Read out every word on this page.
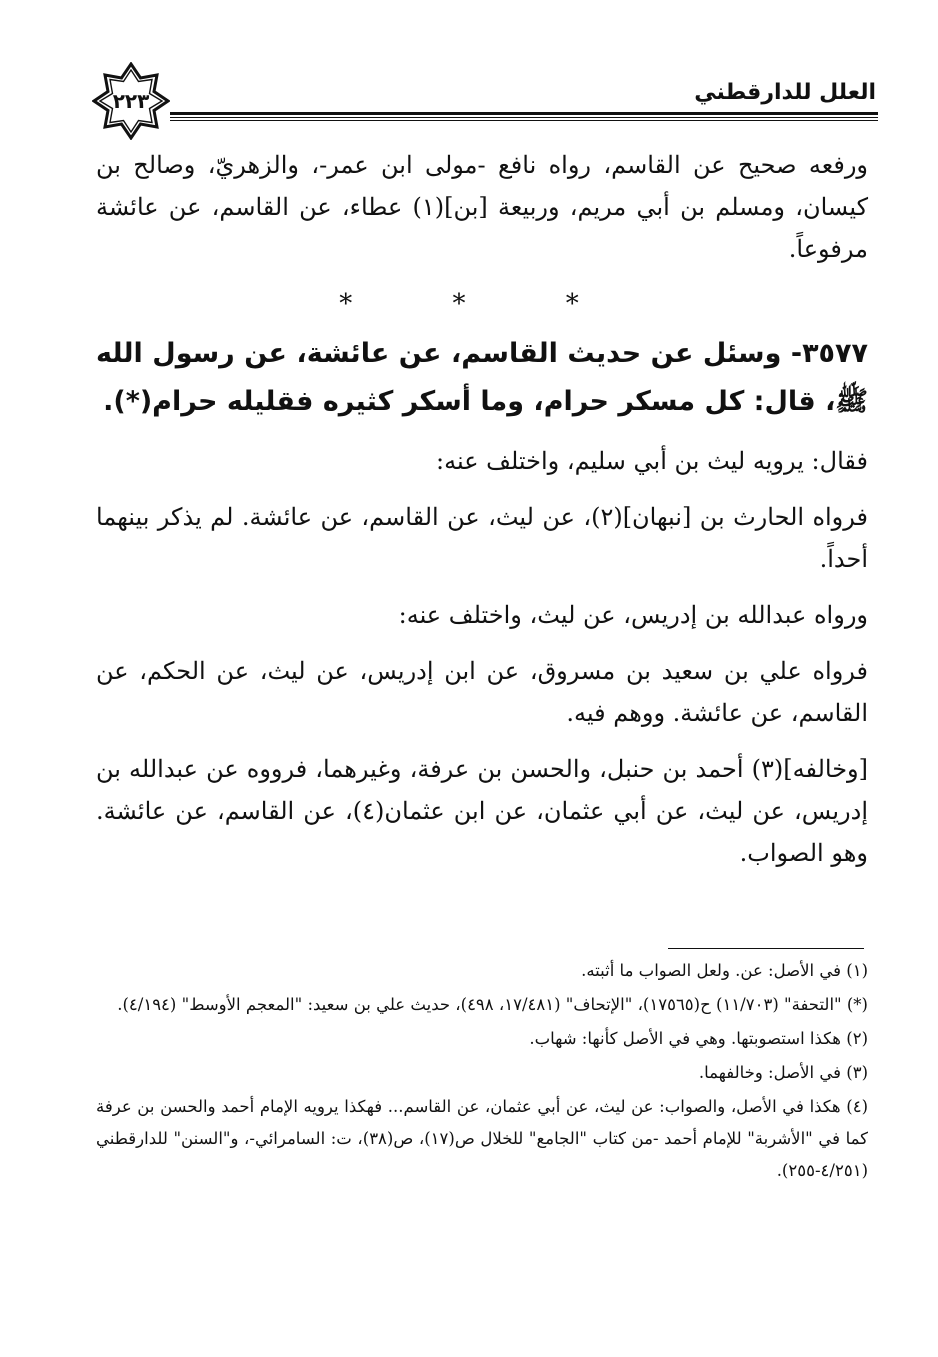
٢٢٣	العلل للدارقطني

ورفعه صحيح عن القاسم، رواه نافع -مولى ابن عمر-، والزهريّ، وصالح بن كيسان، ومسلم بن أبي مريم، وربيعة [بن](١) عطاء، عن القاسم، عن عائشة مرفوعاً.

* * *

٣٥٧٧- وسئل عن حديث القاسم، عن عائشة، عن رسول الله ﷺ، قال: كل مسكر حرام، وما أسكر كثيره فقليله حرام(*).

فقال: يرويه ليث بن أبي سليم، واختلف عنه:

فرواه الحارث بن [نبهان](٢)، عن ليث، عن القاسم، عن عائشة. لم يذكر بينهما أحداً.

ورواه عبدالله بن إدريس، عن ليث، واختلف عنه:

فرواه علي بن سعيد بن مسروق، عن ابن إدريس، عن ليث، عن الحكم، عن القاسم، عن عائشة. ووهم فيه.

[وخالفه](٣) أحمد بن حنبل، والحسن بن عرفة، وغيرهما، فرووه عن عبدالله بن إدريس، عن ليث، عن أبي عثمان، عن ابن عثمان(٤)، عن القاسم، عن عائشة. وهو الصواب.

(١) في الأصل: عن. ولعل الصواب ما أثبته.

(*) "التحفة" (١١/٧٠٣) ح(١٧٥٦٥)، "الإتحاف" (١٧/٤٨١، ٤٩٨)، حديث علي بن سعيد: "المعجم الأوسط" (٤/١٩٤).

(٢) هكذا استصوبتها. وهي في الأصل كأنها: شهاب.

(٣) في الأصل: وخالفهما.

(٤) هكذا في الأصل، والصواب: عن ليث، عن أبي عثمان، عن القاسم... فهكذا يرويه الإمام أحمد والحسن بن عرفة كما في "الأشربة" للإمام أحمد -من كتاب "الجامع" للخلال ص(١٧)، ص(٣٨)، ت: السامرائي-، و"السنن" للدارقطني (٤/٢٥١-٢٥٥).
